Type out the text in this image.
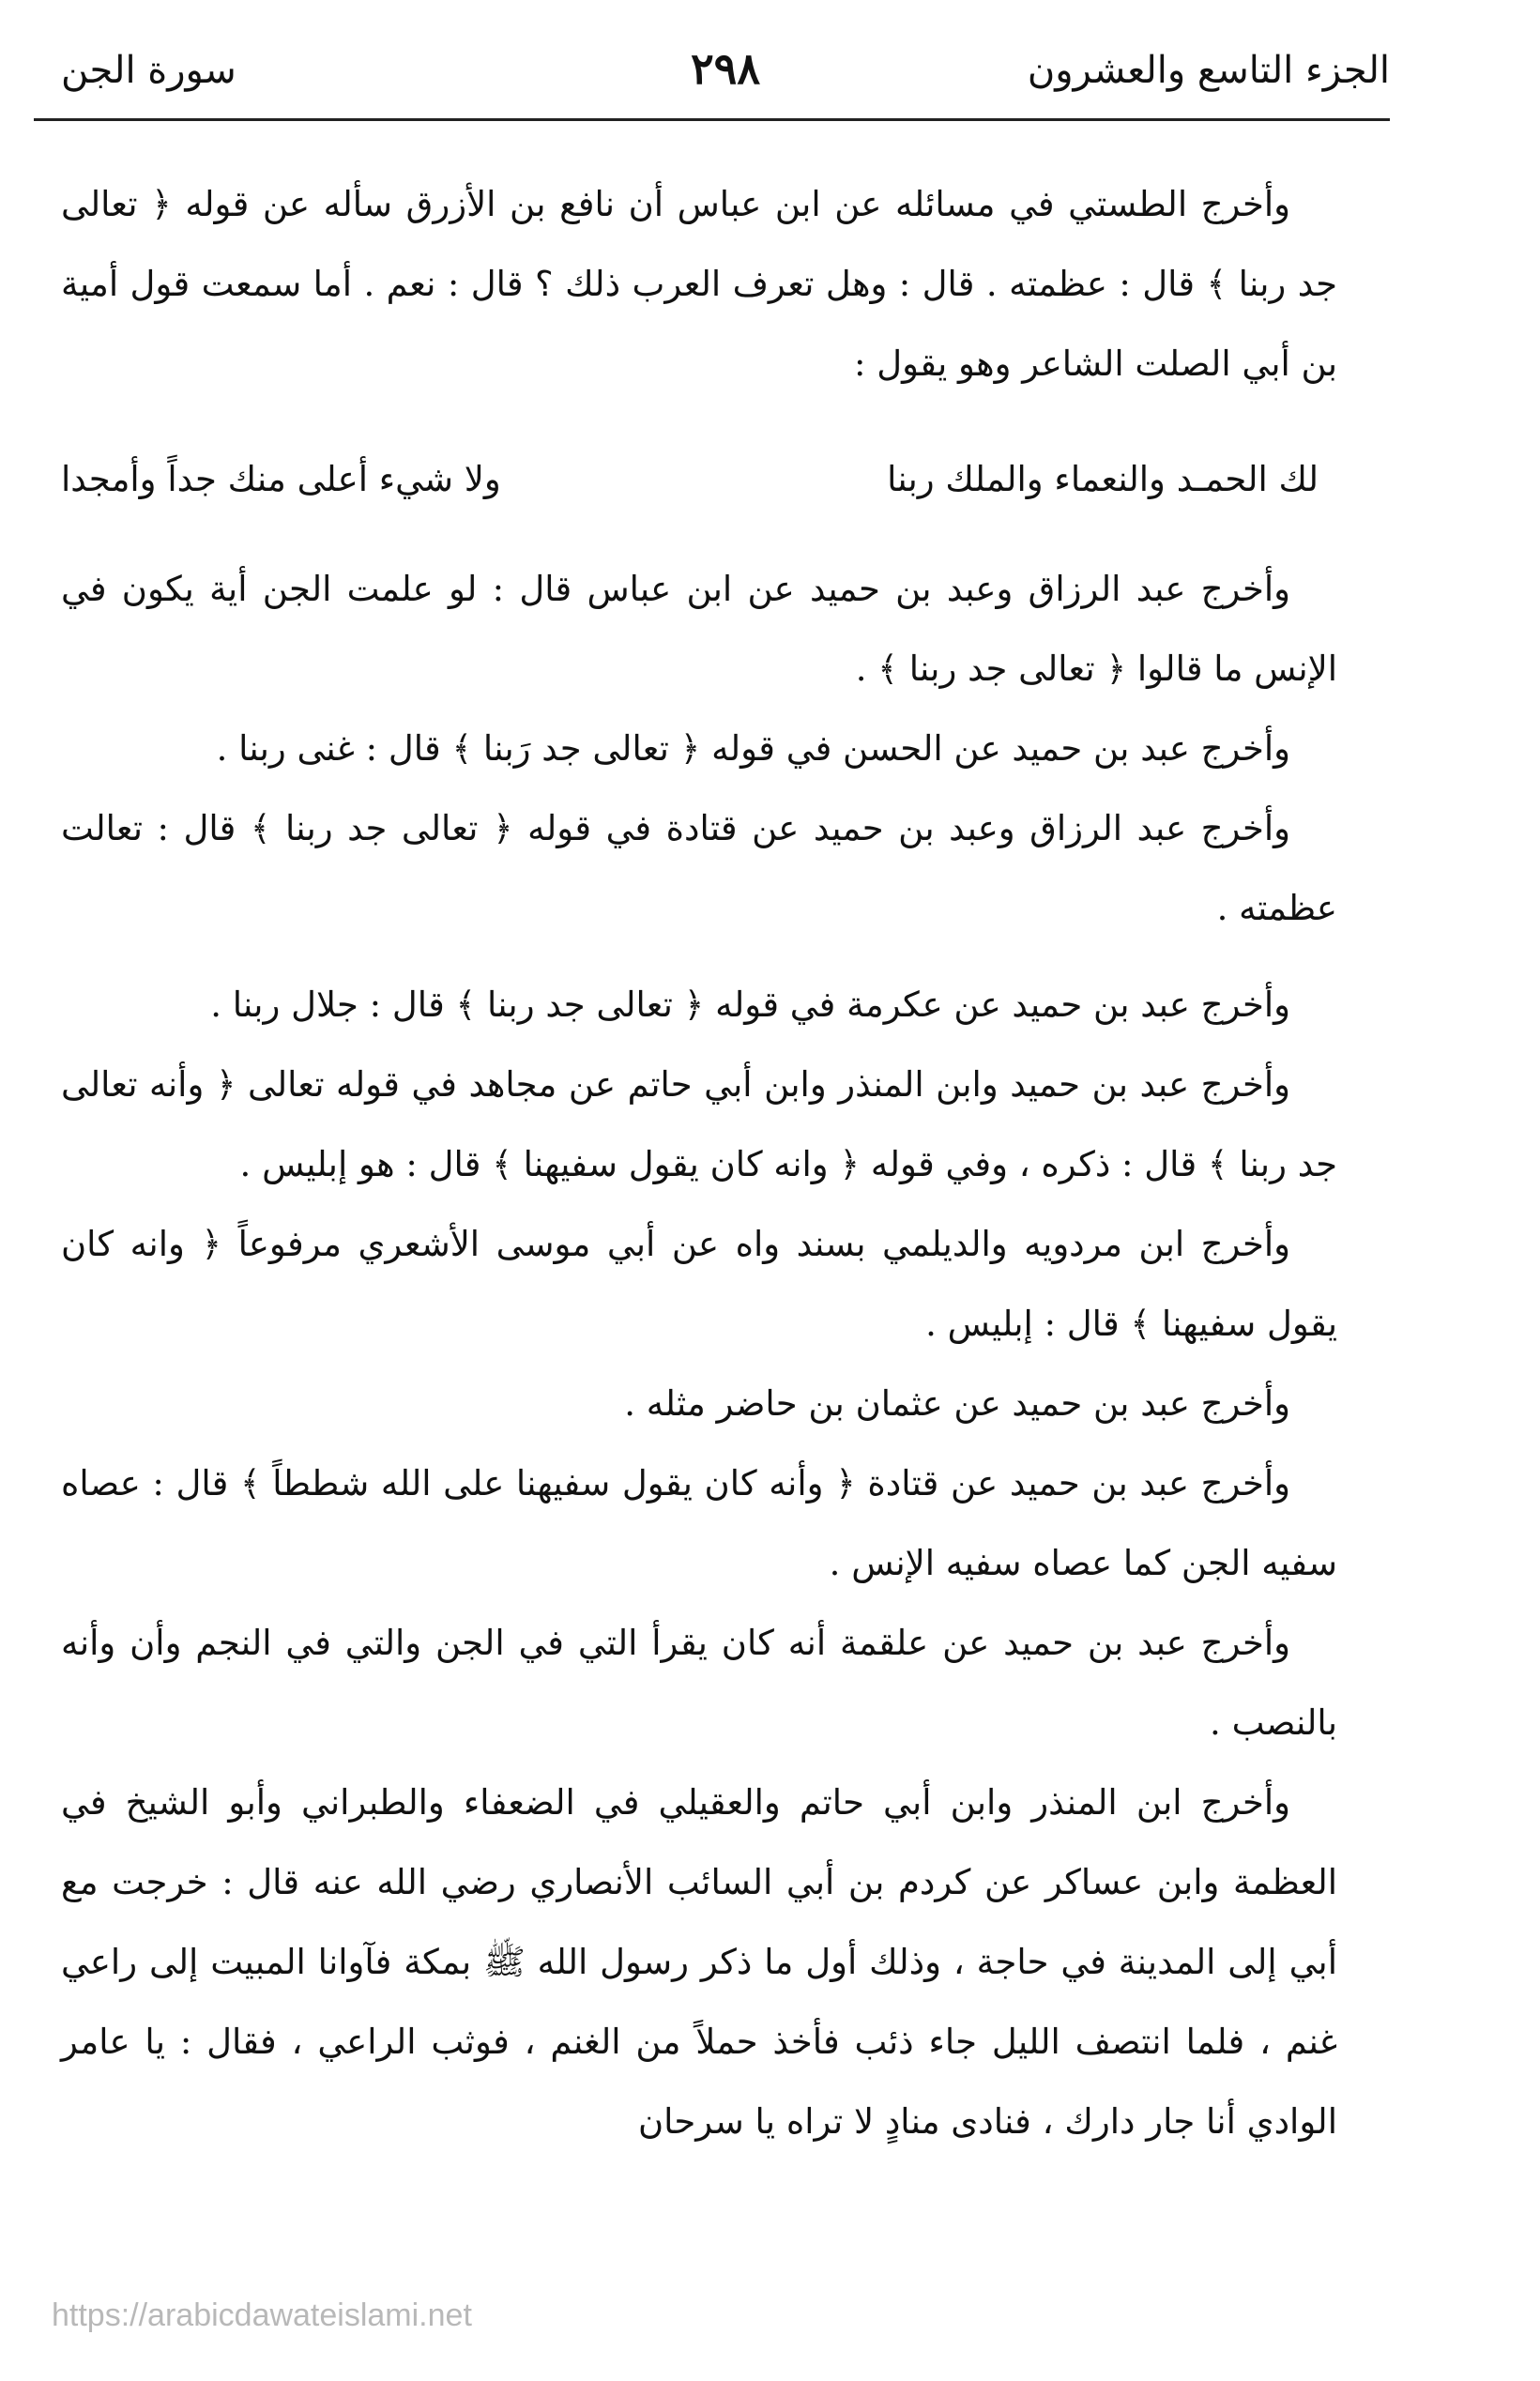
الجزء التاسع والعشرون
٢٩٨
سورة الجن

وأخرج الطستي في مسائله عن ابن عباس أن نافع بن الأزرق سأله عن قوله ﴿ تعالى جد ربنا ﴾ قال : عظمته . قال : وهل تعرف العرب ذلك ؟ قال : نعم . أما سمعت قول أمية بن أبي الصلت الشاعر وهو يقول :

لك الحمـد والنعماء والملك ربنا
ولا شيء أعلى منك جداً وأمجدا

وأخرج عبد الرزاق وعبد بن حميد عن ابن عباس قال : لو علمت الجن أية يكون في الإنس ما قالوا ﴿ تعالى جد ربنا ﴾ .

وأخرج عبد بن حميد عن الحسن في قوله ﴿ تعالى جد رَبنا ﴾ قال : غنى ربنا .

وأخرج عبد الرزاق وعبد بن حميد عن قتادة في قوله ﴿ تعالى جد ربنا ﴾ قال : تعالت عظمته .

وأخرج عبد بن حميد عن عكرمة في قوله ﴿ تعالى جد ربنا ﴾ قال : جلال ربنا .

وأخرج عبد بن حميد وابن المنذر وابن أبي حاتم عن مجاهد في قوله تعالى ﴿ وأنه تعالى جد ربنا ﴾ قال : ذكره ، وفي قوله ﴿ وانه كان يقول سفيهنا ﴾ قال : هو إبليس .

وأخرج ابن مردويه والديلمي بسند واه عن أبي موسى الأشعري مرفوعاً ﴿ وانه كان يقول سفيهنا ﴾ قال : إبليس .

وأخرج عبد بن حميد عن عثمان بن حاضر مثله .

وأخرج عبد بن حميد عن قتادة ﴿ وأنه كان يقول سفيهنا على الله شططاً ﴾ قال : عصاه سفيه الجن كما عصاه سفيه الإنس .

وأخرج عبد بن حميد عن علقمة أنه كان يقرأ التي في الجن والتي في النجم وأن وأنه بالنصب .

وأخرج ابن المنذر وابن أبي حاتم والعقيلي في الضعفاء والطبراني وأبو الشيخ في العظمة وابن عساكر عن كردم بن أبي السائب الأنصاري رضي الله عنه قال : خرجت مع أبي إلى المدينة في حاجة ، وذلك أول ما ذكر رسول الله ﷺ بمكة فآوانا المبيت إلى راعي غنم ، فلما انتصف الليل جاء ذئب فأخذ حملاً من الغنم ، فوثب الراعي ، فقال : يا عامر الوادي أنا جار دارك ، فنادى منادٍ لا تراه يا سرحان

https://arabicdawateislami.net
